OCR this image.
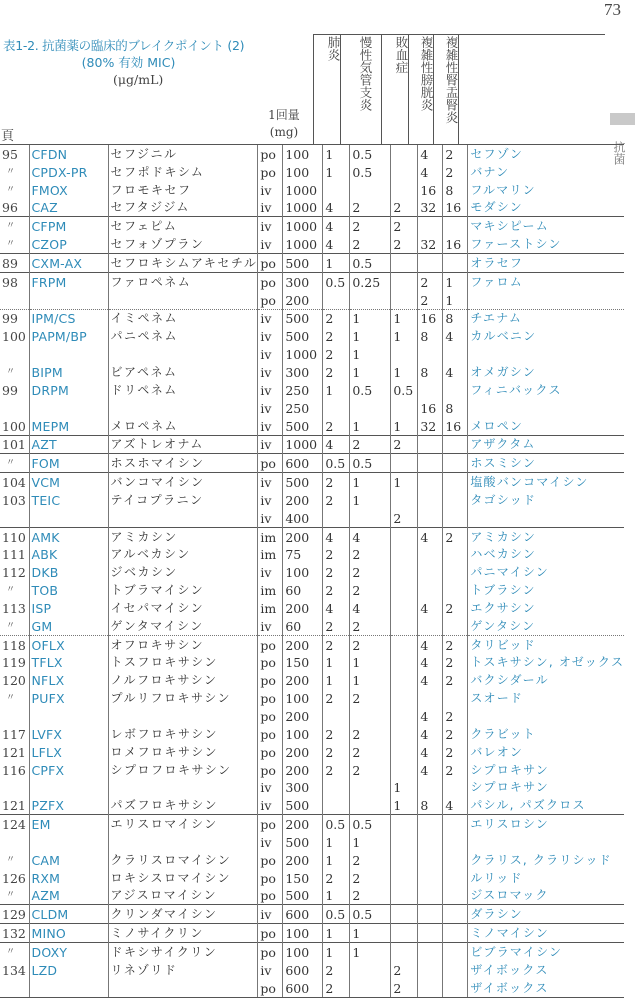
73
表1-2. 抗菌薬の臨床的ブレイクポイント (2)
(80% 有効 MIC)
(μg/mL)
1回量
(mg)
頁
肺炎	慢性気管支炎	敗血症 複雑性膀胱炎 複雑性腎盂腎炎
抗菌
95	CFDN	セフジニル	po	100	1	0.5		4	2	セフゾン
〃	CPDX-PR	セフポドキシム	po	100	1	0.5		4	2	バナン
〃	FMOX	フロモキセフ	iv	1000				16	8	フルマリン
96	CAZ	セフタジジム	iv	1000	4	2	2	32	16	モダシン
〃	CFPM	セフェピム	iv	1000	4	2	2			マキシピーム
〃	CZOP	セフォゾプラン	iv	1000	4	2	2	32	16	ファーストシン
89	CXM-AX	セフロキシムアキセチル	po	500	1	0.5				オラセフ
98	FRPM	ファロペネム	po	300	0.5	0.25		2	1	ファロム
			po	200				2	1	
99	IPM/CS	イミペネム	iv	500	2	1	1	16	8	チエナム
100	PAPM/BP	パニペネム	iv	500	2	1	1	8	4	カルベニン
			iv	1000	2	1				
〃	BIPM	ビアペネム	iv	300	2	1	1	8	4	オメガシン
99	DRPM	ドリペネム	iv	250	1	0.5	0.5			フィニバックス
			iv	250				16	8	
100	MEPM	メロペネム	iv	500	2	1	1	32	16	メロペン
101	AZT	アズトレオナム	iv	1000	4	2	2			アザクタム
〃	FOM	ホスホマイシン	po	600	0.5	0.5				ホスミシン
104	VCM	バンコマイシン	iv	500	2	1	1			塩酸バンコマイシン
103	TEIC	テイコプラニン	iv	200	2	1				タゴシッド
			iv	400			2			
110	AMK	アミカシン	im	200	4	4		4	2	アミカシン
111	ABK	アルベカシン	im	75	2	2				ハベカシン
112	DKB	ジベカシン	iv	100	2	2				パニマイシン
〃	TOB	トブラマイシン	im	60	2	2				トブラシン
113	ISP	イセパマイシン	im	200	4	4		4	2	エクサシン
〃	GM	ゲンタマイシン	iv	60	2	2				ゲンタシン
118	OFLX	オフロキサシン	po	200	2	2		4	2	タリビッド
119	TFLX	トスフロキサシン	po	150	1	1		4	2	トスキサシン, オゼックス
120	NFLX	ノルフロキサシン	po	200	1	1		4	2	バクシダール
〃	PUFX	プルリフロキサシン	po	100	2	2				スオード
			po	200				4	2	
117	LVFX	レボフロキサシン	po	100	2	2		4	2	クラビット
121	LFLX	ロメフロキサシン	po	200	2	2		4	2	バレオン
116	CPFX	シプロフロキサシン	po	200	2	2		4	2	シプロキサン
			iv	300			1			シプロキサン
121	PZFX	パズフロキサシン	iv	500			1	8	4	パシル, パズクロス
124	EM	エリスロマイシン	po	200	0.5	0.5				エリスロシン
			iv	500	1	1				
〃	CAM	クラリスロマイシン	po	200	1	2				クラリス, クラリシッド
126	RXM	ロキシスロマイシン	po	150	2	2				ルリッド
〃	AZM	アジスロマイシン	po	500	1	2				ジスロマック
129	CLDM	クリンダマイシン	iv	600	0.5	0.5				ダラシン
132	MINO	ミノサイクリン	po	100	1	1				ミノマイシン
〃	DOXY	ドキシサイクリン	po	100	1	1				ビブラマイシン
134	LZD	リネゾリド	iv	600	2		2			ザイボックス
			po	600	2		2			ザイボックス
